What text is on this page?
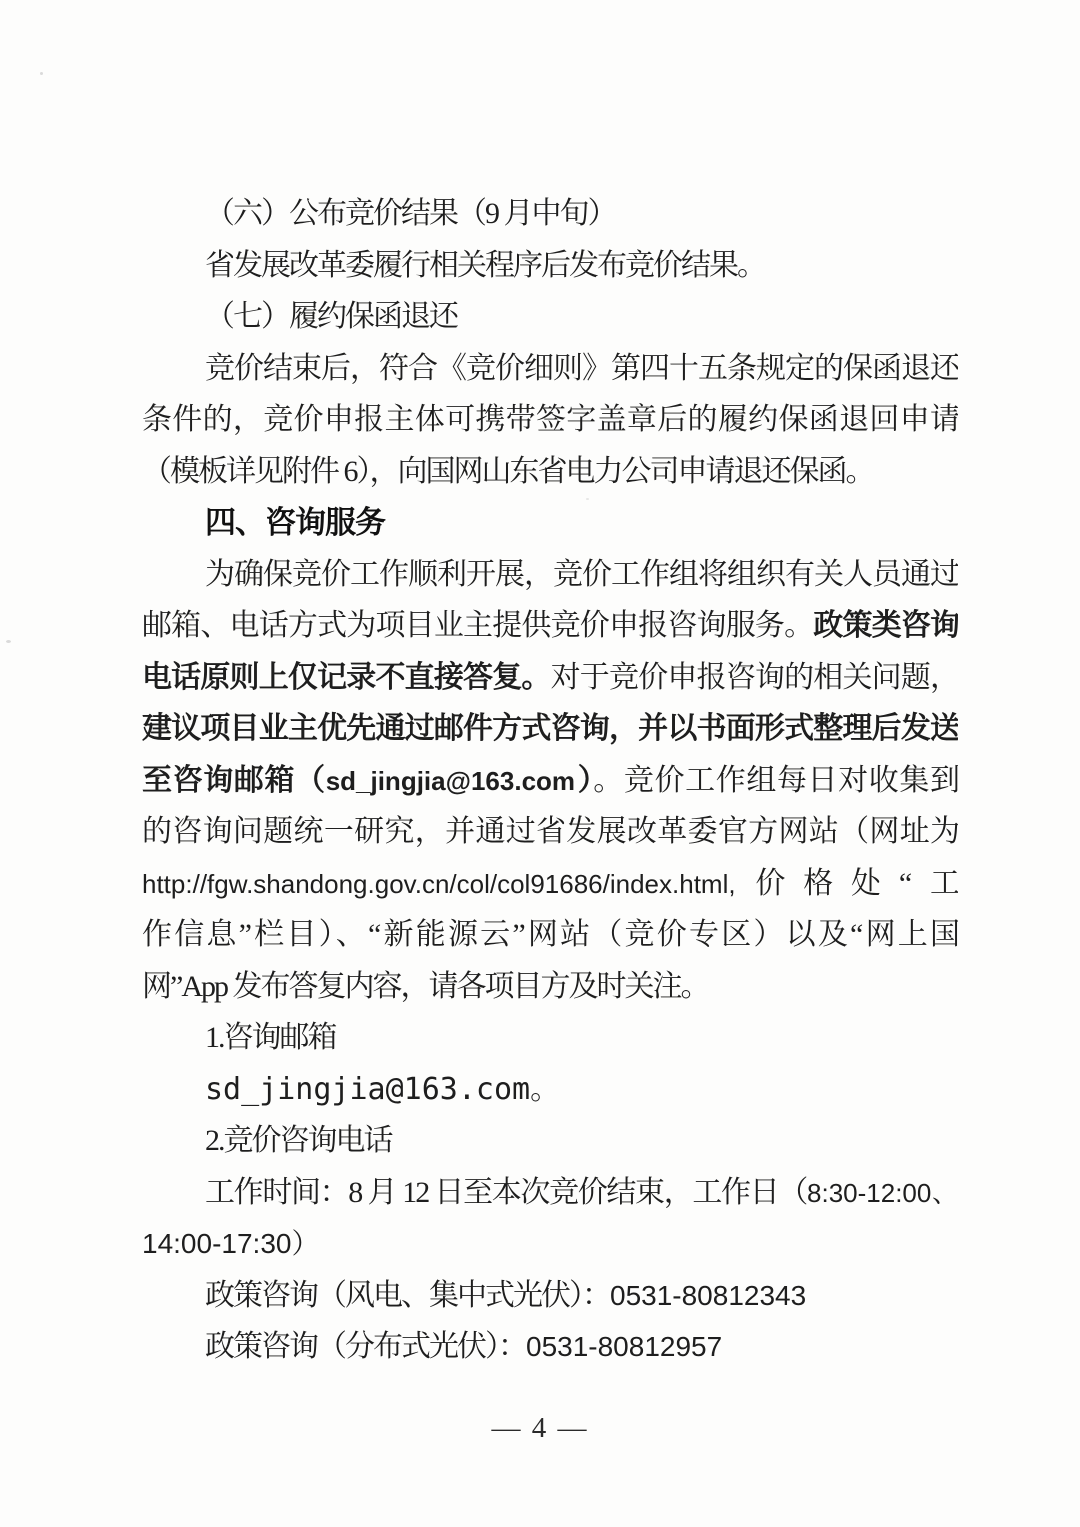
（六）公布竞价结果（9 月中旬）
省发展改革委履行相关程序后发布竞价结果。
（七）履约保函退还
竞价结束后，符合《竞价细则》第四十五条规定的保函退还
条件的，竞价申报主体可携带签字盖章后的履约保函退回申请
（模板详见附件 6），向国网山东省电力公司申请退还保函。
四、咨询服务
为确保竞价工作顺利开展，竞价工作组将组织有关人员通过
邮箱、电话方式为项目业主提供竞价申报咨询服务。政策类咨询
电话原则上仅记录不直接答复。对于竞价申报咨询的相关问题，
建议项目业主优先通过邮件方式咨询，并以书面形式整理后发送
至咨询邮箱（sd_jingjia@163.com）。竞价工作组每日对收集到
的咨询问题统一研究，并通过省发展改革委官方网站（网址为
http://fgw.shandong.gov.cn/col/col91686/index.html,价格处“工
作信息”栏目）、“新能源云”网站（竞价专区）以及“网上国
网”App 发布答复内容，请各项目方及时关注。
1.咨询邮箱
sd_jingjia@163.com。
2.竞价咨询电话
工作时间：8 月 12 日至本次竞价结束，工作日（8:30-12:00、
14:00-17:30）
政策咨询（风电、集中式光伏）：0531-80812343
政策咨询（分布式光伏）：0531-80812957
— 4 —
